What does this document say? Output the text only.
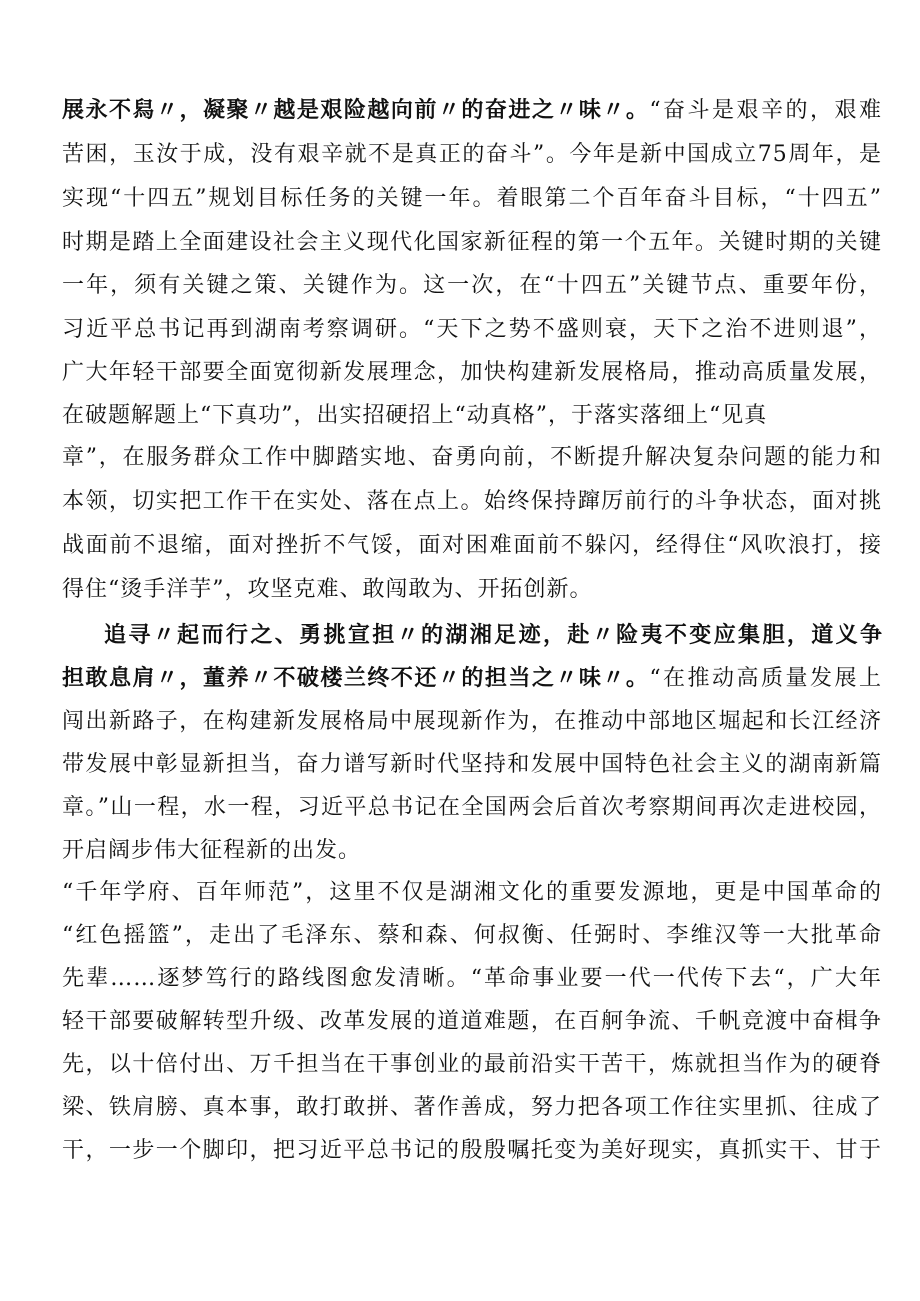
展永不舄〃，凝聚〃越是艰险越向前〃的奋进之〃味〃。“奋斗是艰辛的，艰难
苦困，玉汝于成，没有艰辛就不是真正的奋斗”。今年是新中国成立75周年，是
实现“十四五”规划目标任务的关键一年。着眼第二个百年奋斗目标，“十四五”
时期是踏上全面建设社会主义现代化国家新征程的第一个五年。关键时期的关键
一年，须有关键之策、关键作为。这一次，在“十四五”关键节点、重要年份，
习近平总书记再到湖南考察调研。“天下之势不盛则衰，天下之治不进则退”，
广大年轻干部要全面宽彻新发展理念，加快构建新发展格局，推动高质量发展，
在破题解题上“下真功”，出实招硬招上“动真格”，于落实落细上“见真
章”，在服务群众工作中脚踏实地、奋勇向前，不断提升解决复杂问题的能力和
本领，切实把工作干在实处、落在点上。始终保持蹿厉前行的斗争状态，面对挑
战面前不退缩，面对挫折不气馁，面对困难面前不躲闪，经得住“风吹浪打，接
得住“烫手洋芋”，攻坚克难、敢闯敢为、开拓创新。
追寻〃起而行之、勇挑宣担〃的湖湘足迹，赴〃险夷不变应集胆，道义争
担敢息肩〃，董养〃不破楼兰终不还〃的担当之〃味〃。“在推动高质量发展上
闯出新路子，在构建新发展格局中展现新作为，在推动中部地区堀起和长江经济
带发展中彰显新担当，奋力谱写新时代坚持和发展中国特色社会主义的湖南新篇
章。”山一程，水一程，习近平总书记在全国两会后首次考察期间再次走进校园，
开启阔步伟大征程新的出发。
“千年学府、百年师范”，这里不仅是湖湘文化的重要发源地，更是中国革命的
“红色摇篮”，走出了毛泽东、蔡和森、何叔衡、任弼时、李维汉等一大批革命
先辈……逐梦笃行的路线图愈发清晰。“革命事业要一代一代传下去“，广大年
轻干部要破解转型升级、改革发展的道道难题，在百舸争流、千帆竞渡中奋楫争
先，以十倍付出、万千担当在干事创业的最前沿实干苦干，炼就担当作为的硬脊
梁、铁肩膀、真本事，敢打敢拼、著作善成，努力把各项工作往实里抓、往成了
干，一步一个脚印，把习近平总书记的殷殷嘱托变为美好现实，真抓实干、甘于
